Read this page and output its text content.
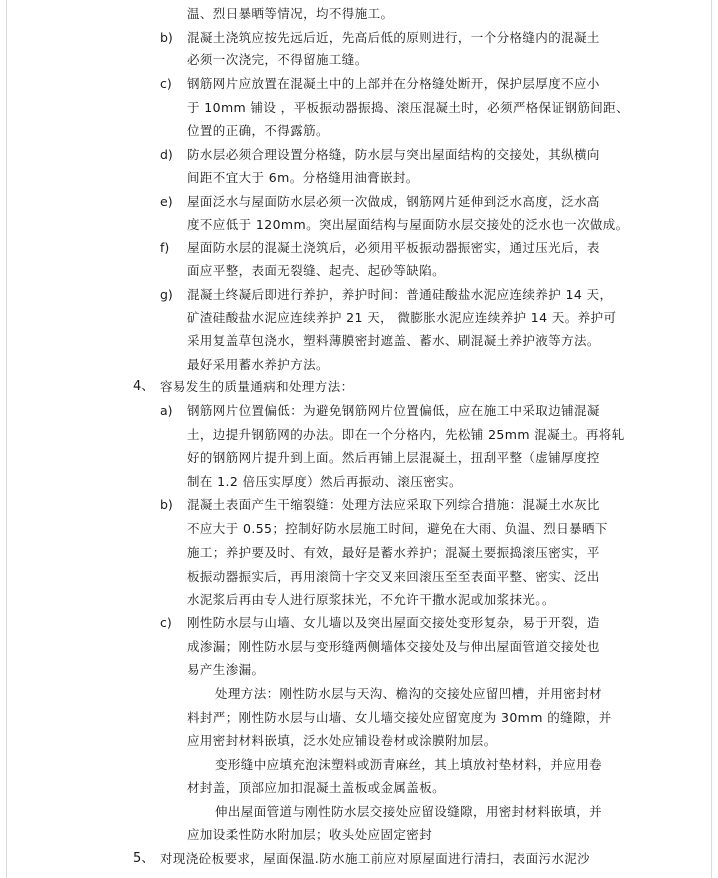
温、烈日暴晒等情况，均不得施工。
b) 混凝土浇筑应按先远后近，先高后低的原则进行，一个分格缝内的混凝土
必须一次浇完，不得留施工缝。
c) 钢筋网片应放置在混凝土中的上部并在分格缝处断开，保护层厚度不应小
于 10mm 铺设 ，平板振动器振捣、滚压混凝土时，必须严格保证钢筋间距、
位置的正确，不得露筋。
d) 防水层必须合理设置分格缝，防水层与突出屋面结构的交接处，其纵横向
间距不宜大于 6m。分格缝用油膏嵌封。
e) 屋面泛水与屋面防水层必须一次做成，钢筋网片延伸到泛水高度，泛水高
度不应低于 120mm。突出屋面结构与屋面防水层交接处的泛水也一次做成。
f) 屋面防水层的混凝土浇筑后，必须用平板振动器振密实，通过压光后，表
面应平整，表面无裂缝、起壳、起砂等缺陷。
g) 混凝土终凝后即进行养护，养护时间：普通硅酸盐水泥应连续养护 14 天，
矿渣硅酸盐水泥应连续养护 21 天， 微膨胀水泥应连续养护 14 天。养护可
采用复盖草包浇水，塑料薄膜密封遮盖、蓄水、刷混凝土养护液等方法。
最好采用蓄水养护方法。
4、 容易发生的质量通病和处理方法：
a) 钢筋网片位置偏低：为避免钢筋网片位置偏低，应在施工中采取边铺混凝
土，边提升钢筋网的办法。即在一个分格内，先松铺 25mm 混凝土。再将轧
好的钢筋网片提升到上面。然后再铺上层混凝土，扭刮平整（虚铺厚度控
制在 1.2 倍压实厚度）然后再振动、滚压密实。
b) 混凝土表面产生干缩裂缝：处理方法应采取下列综合措施：混凝土水灰比
不应大于 0.55；控制好防水层施工时间，避免在大雨、负温、烈日暴晒下
施工；养护要及时、有效，最好是蓄水养护；混凝土要振捣滚压密实，平
板振动器振实后，再用滚筒十字交叉来回滚压至至表面平整、密实、泛出
水泥浆后再由专人进行原浆抹光，不允许干撒水泥或加浆抹光。。
c) 刚性防水层与山墙、女儿墙以及突出屋面交接处变形复杂，易于开裂，造
成渗漏；刚性防水层与变形缝两侧墙体交接处及与伸出屋面管道交接处也
易产生渗漏。
处理方法：刚性防水层与天沟、檐沟的交接处应留凹槽，并用密封材
料封严；刚性防水层与山墙、女儿墙交接处应留宽度为 30mm 的缝隙，并
应用密封材料嵌填，泛水处应铺设卷材或涂膜附加层。
变形缝中应填充泡沫塑料或沥青麻丝，其上填放衬垫材料，并应用卷
材封盖，顶部应加扣混凝土盖板或金属盖板。
伸出屋面管道与刚性防水层交接处应留设缝隙，用密封材料嵌填，并
应加设柔性防水附加层；收头处应固定密封
5、 对现浇砼板要求，屋面保温.防水施工前应对原屋面进行清扫，表面污水泥沙
